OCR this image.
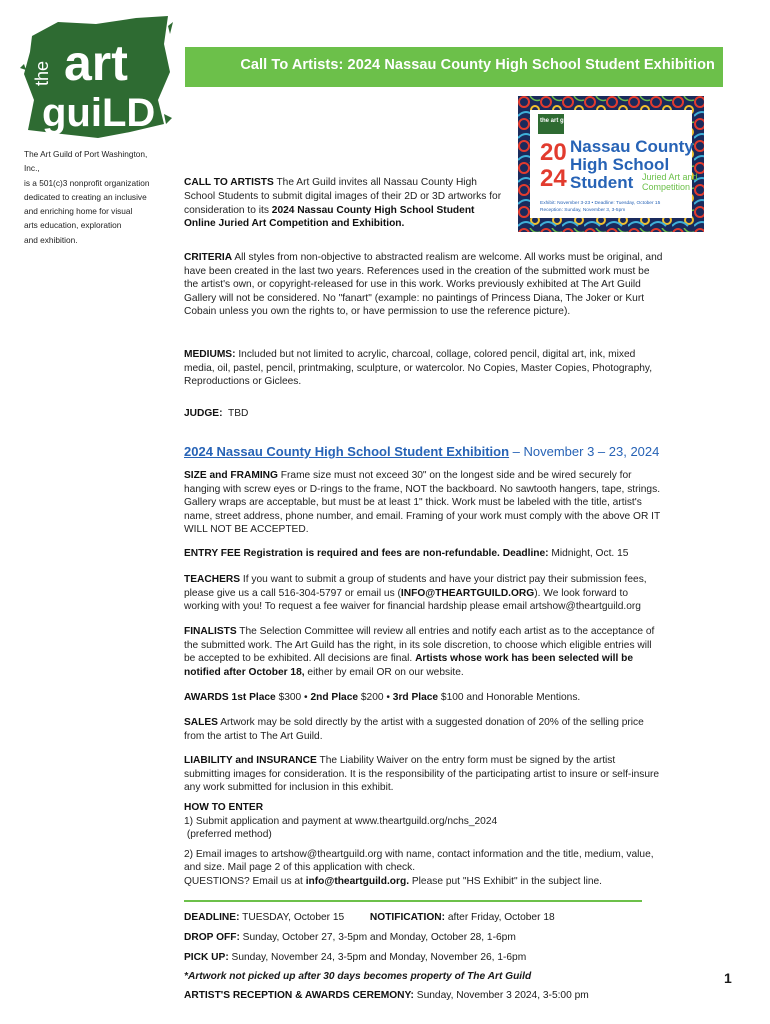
the art
guiLD
Call To Artists: 2024 Nassau County High School Student Exhibition
The Art Guild of Port Washington, Inc.,
is a 501(c)3 nonprofit organization
dedicated to creating an inclusive
and enriching home for visual
arts education, exploration
and exhibition.
the art guild
20
24
Nassau County
High School
Student Juried Art and
Competition
Exhibit: November 3-23 • Deadline: Tuesday, October 15
Reception: Sunday, November 3, 3-5pm
CALL TO ARTISTS The Art Guild invites all Nassau County High School Students to submit digital images of their 2D or 3D artworks for consideration to its 2024 Nassau County High School Student Online Juried Art Competition and Exhibition.
CRITERIA All styles from non-objective to abstracted realism are welcome. All works must be original, and have been created in the last two years. References used in the creation of the submitted work must be the artist's own, or copyright-released for use in this work. Works previously exhibited at The Art Guild Gallery will not be considered. No "fanart" (example: no paintings of Princess Diana, The Joker or Kurt Cobain unless you own the rights to, or have permission to use the reference picture).
MEDIUMS: Included but not limited to acrylic, charcoal, collage, colored pencil, digital art, ink, mixed media, oil, pastel, pencil, printmaking, sculpture, or watercolor. No Copies, Master Copies, Photography, Reproductions or Giclees.
JUDGE:  TBD
2024 Nassau County High School Student Exhibition – November 3 – 23, 2024
SIZE and FRAMING Frame size must not exceed 30" on the longest side and be wired securely for hanging with screw eyes or D-rings to the frame, NOT the backboard. No sawtooth hangers, tape, strings. Gallery wraps are acceptable, but must be at least 1" thick. Work must be labeled with the title, artist's name, street address, phone number, and email. Framing of your work must comply with the above OR IT WILL NOT BE ACCEPTED.
ENTRY FEE Registration is required and fees are non-refundable. Deadline: Midnight, Oct. 15
TEACHERS If you want to submit a group of students and have your district pay their submission fees, please give us a call 516-304-5797 or email us (INFO@THEARTGUILD.ORG). We look forward to working with you! To request a fee waiver for financial hardship please email artshow@theartguild.org
FINALISTS The Selection Committee will review all entries and notify each artist as to the acceptance of the submitted work. The Art Guild has the right, in its sole discretion, to choose which eligible entries will be accepted to be exhibited. All decisions are final. Artists whose work has been selected will be notified after October 18, either by email OR on our website.
AWARDS 1st Place $300 • 2nd Place $200 • 3rd Place $100 and Honorable Mentions.
SALES Artwork may be sold directly by the artist with a suggested donation of 20% of the selling price from the artist to The Art Guild.
LIABILITY and INSURANCE The Liability Waiver on the entry form must be signed by the artist submitting images for consideration. It is the responsibility of the participating artist to insure or self-insure any work submitted for inclusion in this exhibit.
HOW TO ENTER
1) Submit application and payment at www.theartguild.org/nchs_2024
(preferred method)
2) Email images to artshow@theartguild.org with name, contact information and the title, medium, value, and size. Mail page 2 of this application with check.
QUESTIONS? Email us at info@theartguild.org. Please put "HS Exhibit" in the subject line.
DEADLINE: TUESDAY, October 15	NOTIFICATION: after Friday, October 18
DROP OFF: Sunday, October 27, 3-5pm and Monday, October 28, 1-6pm
PICK UP: Sunday, November 24, 3-5pm and Monday, November 26, 1-6pm
*Artwork not picked up after 30 days becomes property of The Art Guild
ARTIST'S RECEPTION & AWARDS CEREMONY: Sunday, November 3 2024, 3-5:00 pm
1
